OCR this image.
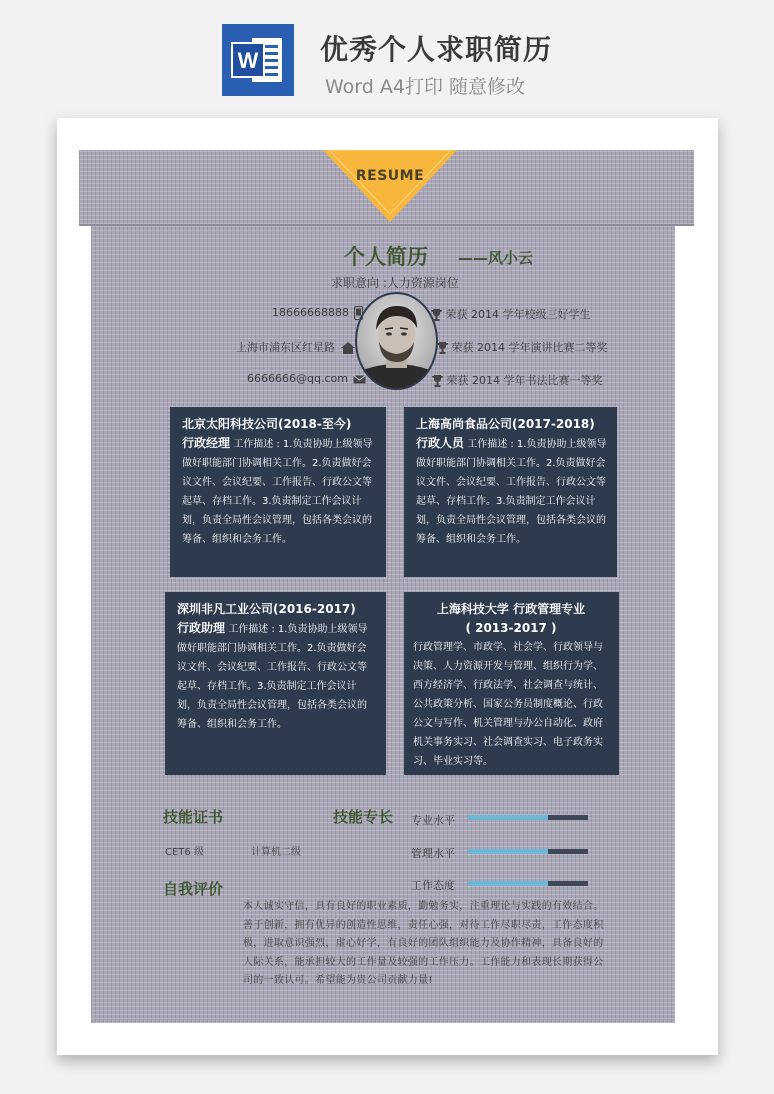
W 优秀个人求职简历
Word A4打印 随意修改
RESUME
个人简历 ——风小云
求职意向 :人力资源岗位
18666668888
上海市浦东区红星路
6666666@qq.com
荣获 2014 学年校级三好学生
荣获 2014 学年演讲比赛二等奖
荣获 2014 学年书法比赛一等奖
北京太阳科技公司(2018-至今)
行政经理 工作描述 : 1.负责协助上级领导做好职能部门协调相关工作。2.负责做好会议文件、会议纪要、工作报告、行政公文等起草、存档工作。3.负责制定工作会议计划，负责全局性会议管理，包括各类会议的筹备、组织和会务工作。
上海高尚食品公司(2017-2018)
行政人员 工作描述 : 1.负责协助上级领导做好职能部门协调相关工作。2.负责做好会议文件、会议纪要、工作报告、行政公文等起草、存档工作。3.负责制定工作会议计划，负责全局性会议管理，包括各类会议的筹备、组织和会务工作。
深圳非凡工业公司(2016-2017)
行政助理 工作描述 : 1.负责协助上级领导做好职能部门协调相关工作。2.负责做好会议文件、会议纪要、工作报告、行政公文等起草、存档工作。3.负责制定工作会议计划，负责全局性会议管理，包括各类会议的筹备、组织和会务工作。
上海科技大学 行政管理专业
( 2013-2017 )
行政管理学、市政学、社会学、行政领导与决策、人力资源开发与管理、组织行为学、西方经济学、行政法学、社会调查与统计、公共政策分析、国家公务员制度概论、行政公文与写作、机关管理与办公自动化、政府机关事务实习、社会调查实习、电子政务实习、毕业实习等。
技能证书
CET6 级	计算机二级
技能专长 专业水平
管理水平
工作态度
自我评价
本人诚实守信，具有良好的职业素质，勤勉务实，注重理论与实践的有效结合。善于创新，拥有优异的创造性思维，责任心强，对待工作尽职尽责，工作态度积极，进取意识强烈，虚心好学，有良好的团队组织能力及协作精神，具备良好的人际关系，能承担较大的工作量及较强的工作压力。工作能力和表现长期获得公司的一致认可。希望能为贵公司贡献力量!
